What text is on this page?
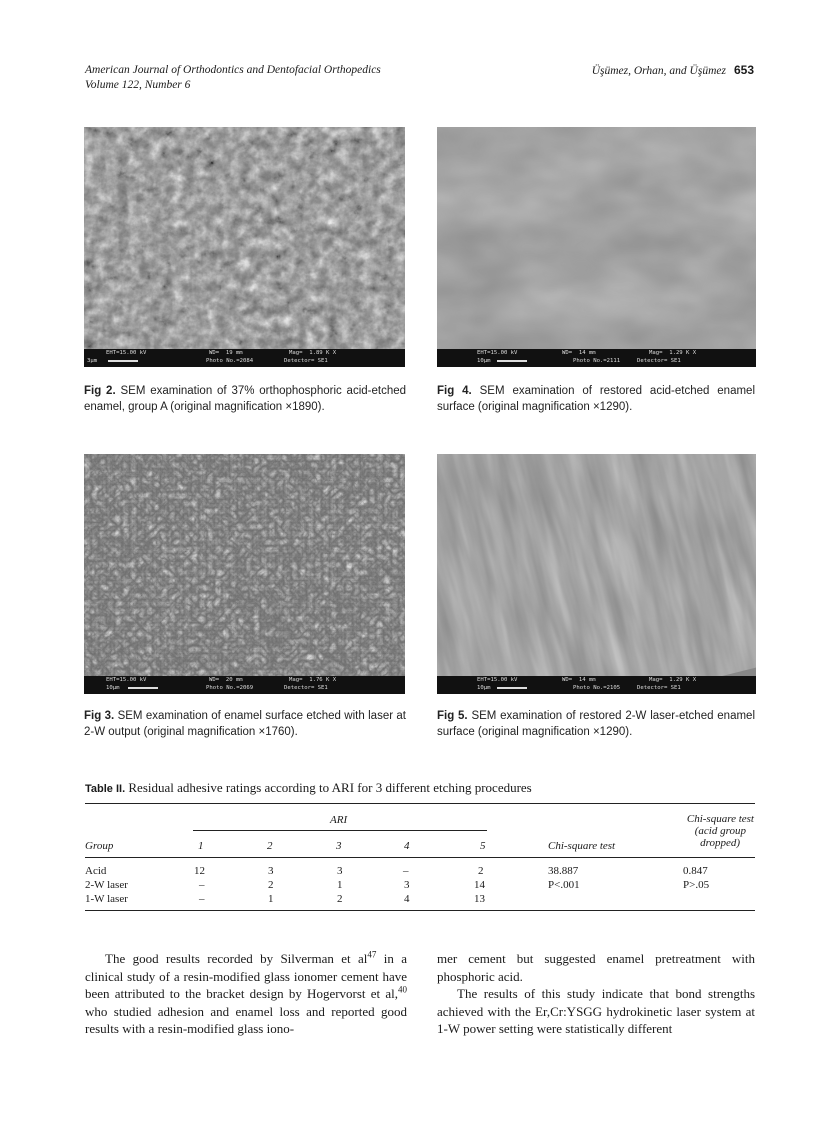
American Journal of Orthodontics and Dentofacial Orthopedics
Volume 122, Number 6
Üşümez, Orhan, and Üşümez 653
EHT=15.00 kV
3µm
WD=  19 mm
Photo No.=2084
Mag=  1.89 K X
Detector= SE1
Fig 2. SEM examination of 37% orthophosphoric acid-etched enamel, group A (original magnification ×1890).
EHT=15.00 kV
10µm
WD=  14 mm
Photo No.=2111
Mag=  1.29 K X
Detector= SE1
Fig 4. SEM examination of restored acid-etched enamel surface (original magnification ×1290).
EHT=15.00 kV
10µm
WD=  20 mm
Photo No.=2069
Mag=  1.76 K X
Detector= SE1
Fig 3. SEM examination of enamel surface etched with laser at 2-W output (original magnification ×1760).
EHT=15.00 kV
10µm
WD=  14 mm
Photo No.=2105
Mag=  1.29 K X
Detector= SE1
Fig 5. SEM examination of restored 2-W laser-etched enamel surface (original magnification ×1290).
Table II. Residual adhesive ratings according to ARI for 3 different etching procedures
ARI
Group	1	2	3	4	5	Chi-square test
Chi-square test
(acid group
dropped)
Acid	12	3	3	–	2	38.887	0.847
2-W laser	–	2	1	3	14	P<.001	P>.05
1-W laser	–	1	2	4	13

The good results recorded by Silverman et $al^{47}$ in a clinical study of a resin-modified glass ionomer cement have been attributed to the bracket design by Hogervorst et al,$^{40}$ who studied adhesion and enamel loss and reported good results with a resin-modified glass iono-

mer cement but suggested enamel pretreatment with phosphoric acid.

The results of this study indicate that bond strengths achieved with the Er,Cr:YSGG hydrokinetic laser system at 1-W power setting were statistically different
